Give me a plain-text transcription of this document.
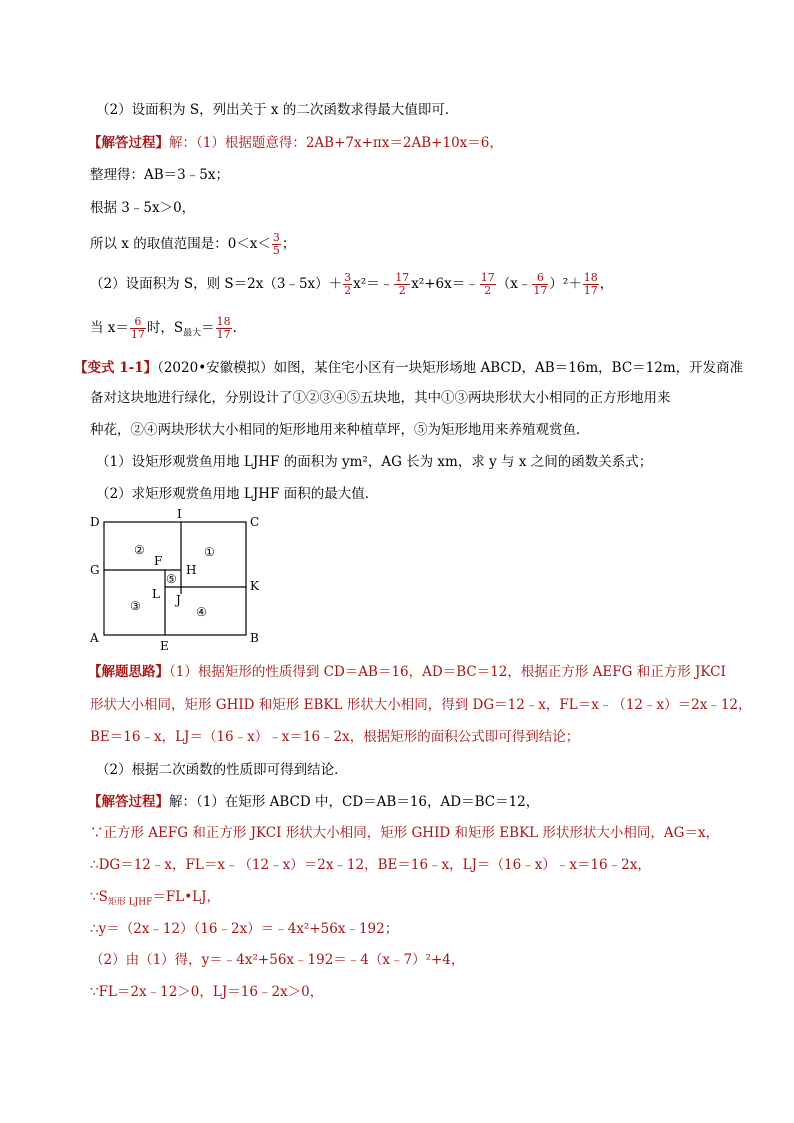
（2）设面积为 S，列出关于 x 的二次函数求得最大值即可．
【解答过程】解：（1）根据题意得：2AB+7x+πx＝2AB+10x＝6，
整理得：AB＝3﹣5x；
根据 3﹣5x＞0，
所以 x 的取值范围是：$0<x< \frac{3}{5}$ ；
（2）设面积为 S，则 S＝2x（3﹣5x）＋ $\frac{3}{2}$ x²＝﹣ $\frac{17}{2}$ x²+6x＝﹣ $\frac{17}{2}$ （x﹣ $\frac{6}{17} )^2+ \frac{18}{17}$ ，
当 $x= \frac{6}{17}$ 时，$S_{最大}= \frac{18}{17}$ ．
【变式 1-1】（2020•安徽模拟）如图，某住宅小区有一块矩形场地 ABCD，AB＝16m，BC＝12m，开发商准
备对这块地进行绿化，分别设计了①②③④⑤五块地，其中①③两块形状大小相同的正方形地用来
种花，②④两块形状大小相同的矩形地用来种植草坪，⑤为矩形地用来养殖观赏鱼．
（1）设矩形观赏鱼用地 LJHF 的面积为 ym²，AG 长为 xm，求 y 与 x 之间的函数关系式；
（2）求矩形观赏鱼用地 LJHF 面积的最大值．
D
I
C
G
F
H
K
L J
A
E
B
①
②
③	④
⑤
【解题思路】（1）根据矩形的性质得到 CD＝AB＝16，AD＝BC＝12，根据正方形 AEFG 和正方形 JKCI
形状大小相同，矩形 GHID 和矩形 EBKL 形状大小相同，得到 DG＝12﹣x，FL＝x﹣（12﹣x）＝2x﹣12，
BE＝16﹣x，LJ＝（16﹣x）﹣x＝16﹣2x，根据矩形的面积公式即可得到结论；
（2）根据二次函数的性质即可得到结论．
【解答过程】解：（1）在矩形 ABCD 中，CD＝AB＝16，AD＝BC＝12，
∵正方形 AEFG 和正方形 JKCI 形状大小相同，矩形 GHID 和矩形 EBKL 形状形状大小相同，AG＝x，
∴DG＝12﹣x，FL＝x﹣（12﹣x）＝2x﹣12，BE＝16﹣x，LJ＝（16﹣x）﹣x＝16﹣2x，
$\because S_{矩形 LJHF}=FL•LJ$，
∴y＝（2x﹣12）（16﹣2x）＝﹣4x²+56x﹣192；
（2）由（1）得，y＝﹣4x²+56x﹣192＝﹣4（x﹣7）²+4，
∵FL＝2x﹣12＞0，LJ＝16﹣2x＞0，
